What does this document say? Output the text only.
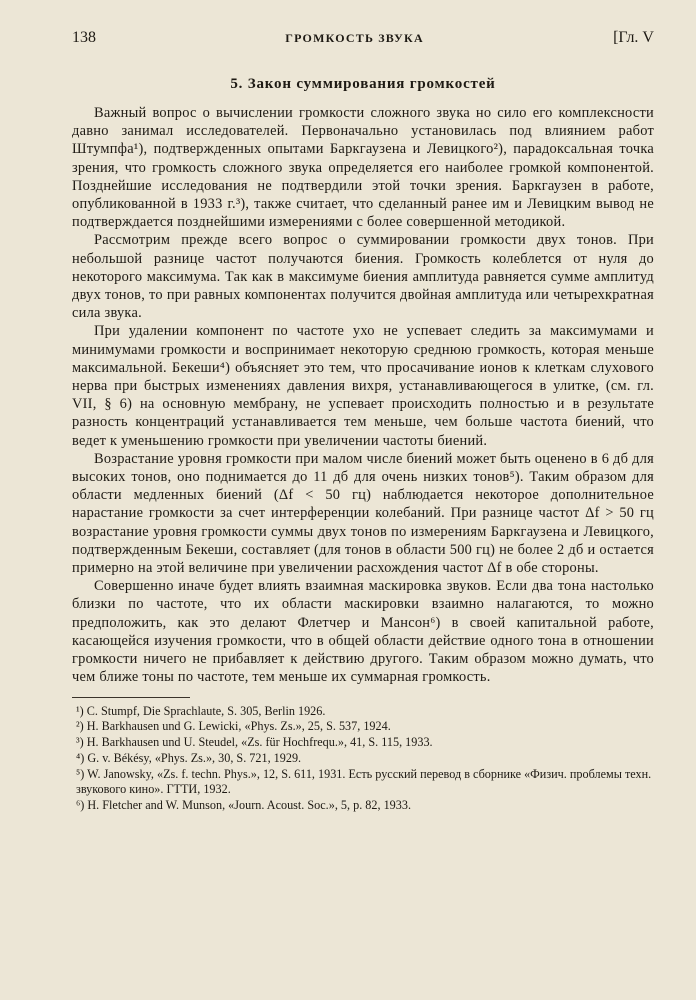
138	ГРОМКОСТЬ ЗВУКА	[Гл. V
5. Закон суммирования громкостей

Важный вопрос о вычислении громкости сложного звука но сило его комплексности давно занимал исследователей. Первоначально установилась под влиянием работ Штумпфа¹), подтвержденных опытами Баркгаузена и Левицкого²), парадоксальная точка зрения, что громкость сложного звука определяется его наиболее громкой компонентой. Позднейшие исследования не подтвердили этой точки зрения. Баркгаузен в работе, опубликованной в 1933 г.³), также считает, что сделанный ранее им и Левицким вывод не подтверждается позднейшими измерениями с более совершенной методикой.

Рассмотрим прежде всего вопрос о суммировании громкости двух тонов. При небольшой разнице частот получаются биения. Громкость колеблется от нуля до некоторого максимума. Так как в максимуме биения амплитуда равняется сумме амплитуд двух тонов, то при равных компонентах получится двойная амплитуда или четырехкратная сила звука.

При удалении компонент по частоте ухо не успевает следить за максимумами и минимумами громкости и воспринимает некоторую среднюю громкость, которая меньше максимальной. Бекеши⁴) объясняет это тем, что просачивание ионов к клеткам слухового нерва при быстрых изменениях давления вихря, устанавливающегося в улитке, (см. гл. VII, § 6) на основную мембрану, не успевает происходить полностью и в результате разность концентраций устанавливается тем меньше, чем больше частота биений, что ведет к уменьшению громкости при увеличении частоты биений.

Возрастание уровня громкости при малом числе биений может быть оценено в 6 дб для высоких тонов, оно поднимается до 11 дб для очень низких тонов⁵). Таким образом для области медленных биений (Δf < 50 гц) наблюдается некоторое дополнительное нарастание громкости за счет интерференции колебаний. При разнице частот Δf > 50 гц возрастание уровня громкости суммы двух тонов по измерениям Баркгаузена и Левицкого, подтвержденным Бекеши, составляет (для тонов в области 500 гц) не более 2 дб и остается примерно на этой величине при увеличении расхождения частот Δf в обе стороны.

Совершенно иначе будет влиять взаимная маскировка звуков. Если два тона настолько близки по частоте, что их области маскировки взаимно налагаются, то можно предположить, как это делают Флетчер и Мансон⁶) в своей капитальной работе, касающейся изучения громкости, что в общей области действие одного тона в отношении громкости ничего не прибавляет к действию другого. Таким образом можно думать, что чем ближе тоны по частоте, тем меньше их суммарная громкость.

¹) C. Stumpf, Die Sprachlaute, S. 305, Berlin 1926.

²) H. Barkhausen und G. Lewicki, «Phys. Zs.», 25, S. 537, 1924.

³) H. Barkhausen und U. Steudel, «Zs. für Hochfrequ.», 41, S. 115, 1933.

⁴) G. v. Békésy, «Phys. Zs.», 30, S. 721, 1929.

⁵) W. Janowsky, «Zs. f. techn. Phys.», 12, S. 611, 1931. Есть русский перевод в сборнике «Физич. проблемы техн. звукового кино». ГТТИ, 1932.

⁶) H. Fletcher and W. Munson, «Journ. Acoust. Soc.», 5, p. 82, 1933.
